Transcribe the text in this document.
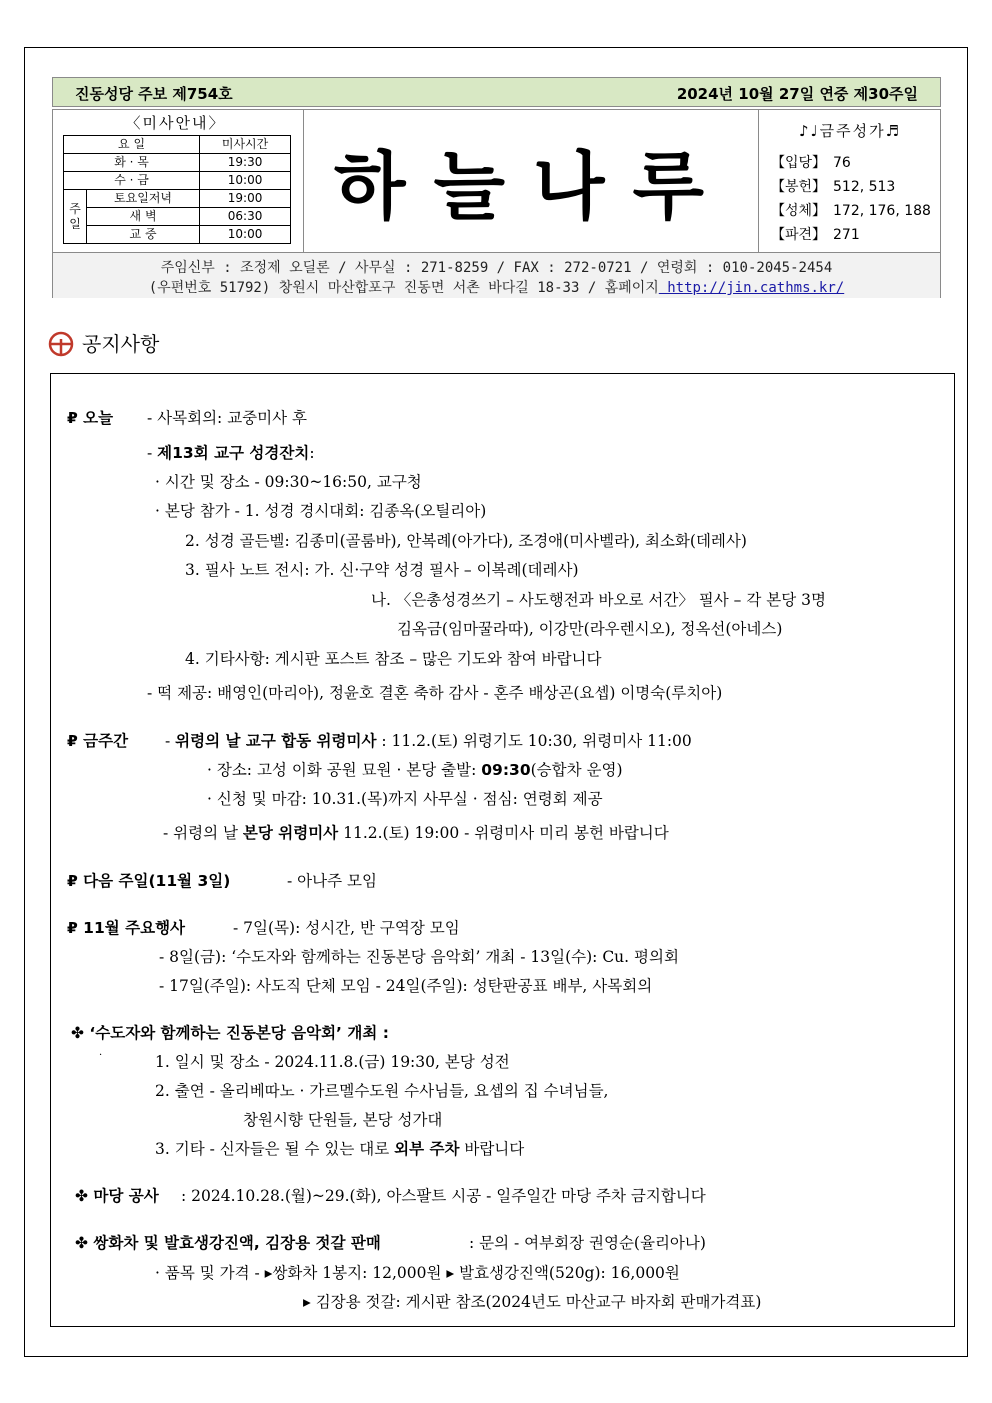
진동성당 주보 제754호	2024년 10월 27일 연중 제30주일
〈미사안내〉
요 일		미사시간
화 · 목		19:30
수 · 금		10:00
주
일	토요일저녁	19:00
	새 벽	06:30
	교 중	10:00
하늘나루
♪♩금주성가♬
【입당】 76
【봉헌】 512, 513
【성체】 172, 176, 188
【파견】 271
주임신부 : 조정제 오딜론 / 사무실 : 271-8259 / FAX : 272-0721 / 연령회 : 010-2045-2454
(우편번호 51792) 창원시 마산합포구 진동면 서촌 바다길 18-33 / 홈페이지 http://jin.cathms.kr/
공지사항
₽ 오늘 - 사목회의: 교중미사 후
- 제13회 교구 성경잔치:
· 시간 및 장소 - 09:30~16:50, 교구청
· 본당 참가 - 1. 성경 경시대회: 김종옥(오틸리아)
2. 성경 골든벨: 김종미(골룸바), 안복례(아가다), 조경애(미사벨라), 최소화(데레사)
3. 필사 노트 전시: 가. 신·구약 성경 필사 – 이복례(데레사)
나. 〈은총성경쓰기 – 사도행전과 바오로 서간〉 필사 – 각 본당 3명
김옥금(임마꿀라따), 이강만(라우렌시오), 정옥선(아네스)
4. 기타사항: 게시판 포스트 참조 – 많은 기도와 참여 바랍니다
- 떡 제공: 배영인(마리아), 정윤호 결혼 축하 감사 - 혼주 배상곤(요셉) 이명숙(루치아)
₽ 금주간 - 위령의 날 교구 합동 위령미사 : 11.2.(토) 위령기도 10:30, 위령미사 11:00
· 장소: 고성 이화 공원 묘원 · 본당 출발: 09:30(승합차 운영)
· 신청 및 마감: 10.31.(목)까지 사무실 · 점심: 연령회 제공
- 위령의 날 본당 위령미사 11.2.(토) 19:00 - 위령미사 미리 봉헌 바랍니다
₽ 다음 주일(11월 3일)	- 아나주 모임
₽ 11월 주요행사	- 7일(목): 성시간, 반 구역장 모임
- 8일(금): ‘수도자와 함께하는 진동본당 음악회’ 개최 - 13일(수): Cu. 평의회
- 17일(주일): 사도직 단체 모임 - 24일(주일): 성탄판공표 배부, 사목회의
✤ ‘수도자와 함께하는 진동본당 음악회’ 개최 :
·	1. 일시 및 장소 - 2024.11.8.(금) 19:30, 본당 성전
2. 출연 - 올리베따노 · 가르멜수도원 수사님들, 요셉의 집 수녀님들,
창원시향 단원들, 본당 성가대
3. 기타 - 신자들은 될 수 있는 대로 외부 주차 바랍니다
✤ 마당 공사 : 2024.10.28.(월)~29.(화), 아스팔트 시공 - 일주일간 마당 주차 금지합니다
✤ 쌍화차 및 발효생강진액, 김장용 젓갈 판매	: 문의 - 여부회장 권영순(율리아나)
· 품목 및 가격 - ▸쌍화차 1봉지: 12,000원 ▸ 발효생강진액(520g): 16,000원
▸ 김장용 젓갈: 게시판 참조(2024년도 마산교구 바자회 판매가격표)
